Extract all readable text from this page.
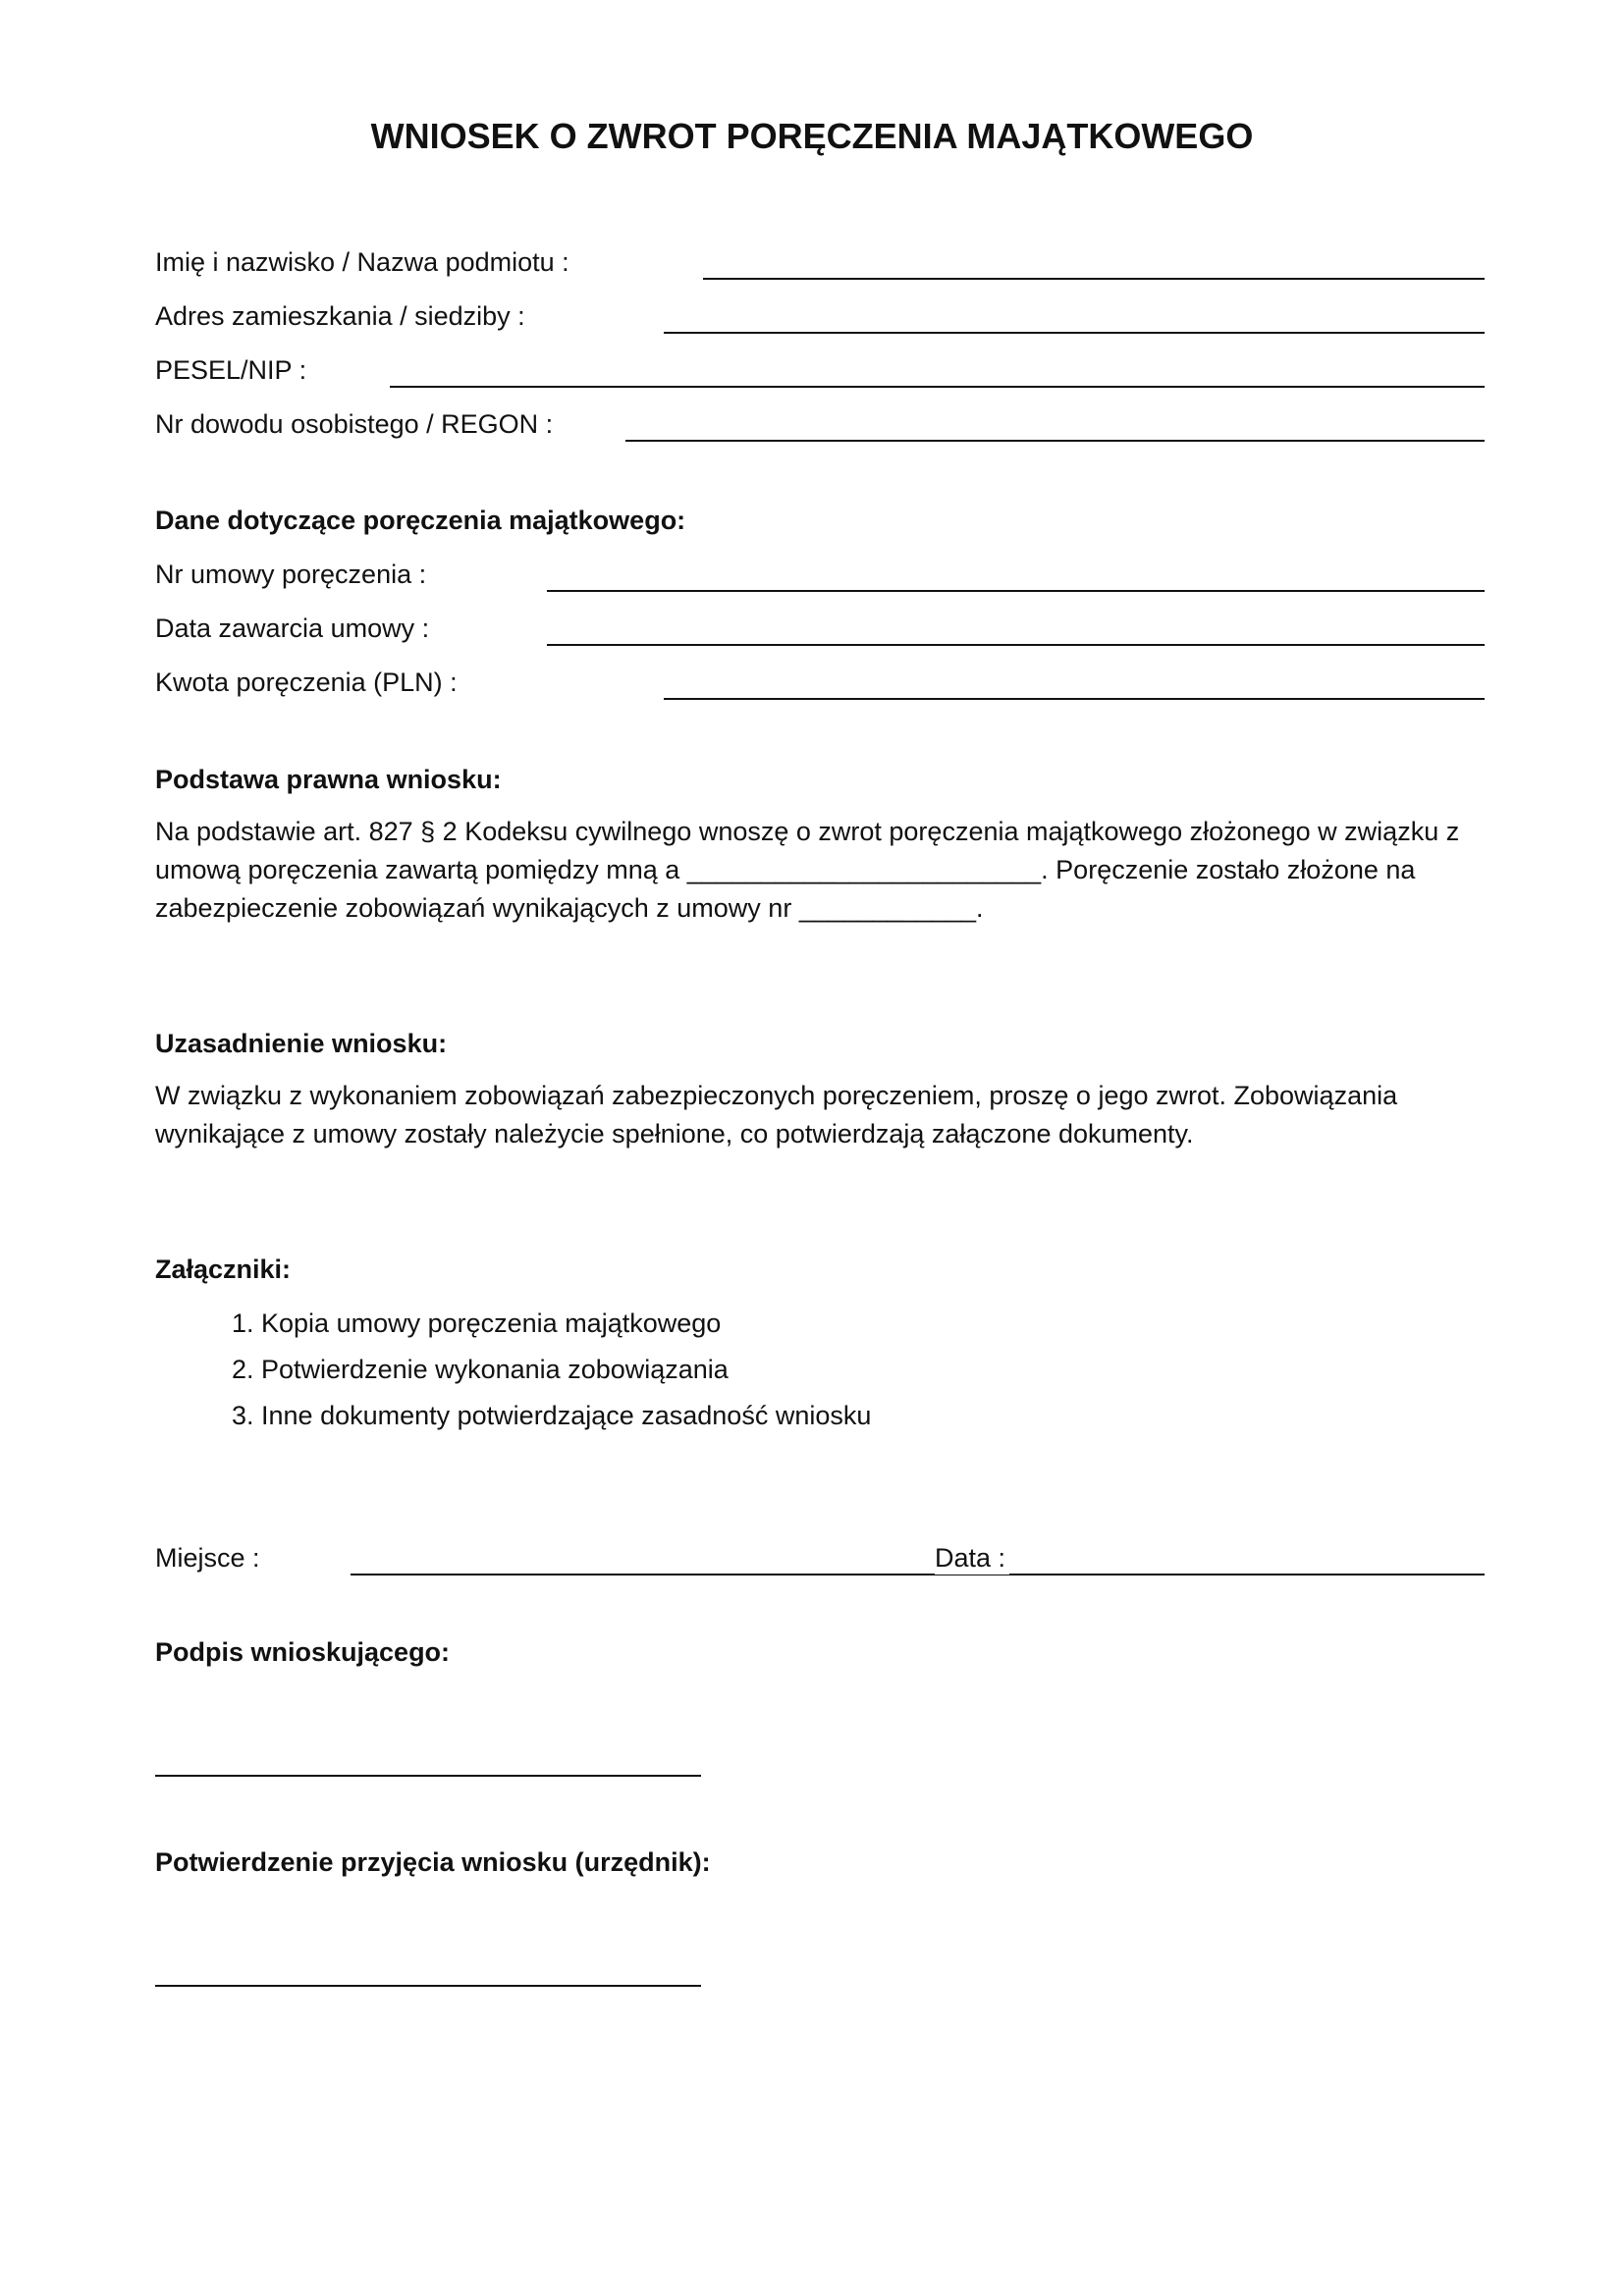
WNIOSEK O ZWROT PORĘCZENIA MAJĄTKOWEGO
Imię i nazwisko / Nazwa podmiotu :
Adres zamieszkania / siedziby :
PESEL/NIP :
Nr dowodu osobistego / REGON :
Dane dotyczące poręczenia majątkowego:
Nr umowy poręczenia :
Data zawarcia umowy :
Kwota poręczenia (PLN) :
Podstawa prawna wniosku:
Na podstawie art. 827 § 2 Kodeksu cywilnego wnoszę o zwrot poręczenia majątkowego złożonego w związku z umową poręczenia zawartą pomiędzy mną a ________________________. Poręczenie zostało złożone na zabezpieczenie zobowiązań wynikających z umowy nr ____________.
Uzasadnienie wniosku:
W związku z wykonaniem zobowiązań zabezpieczonych poręczeniem, proszę o jego zwrot. Zobowiązania wynikające z umowy zostały należycie spełnione, co potwierdzają załączone dokumenty.
Załączniki:
1. Kopia umowy poręczenia majątkowego
2. Potwierdzenie wykonania zobowiązania
3. Inne dokumenty potwierdzające zasadność wniosku
Miejsce :	Data :
Podpis wnioskującego:
Potwierdzenie przyjęcia wniosku (urzędnik):
